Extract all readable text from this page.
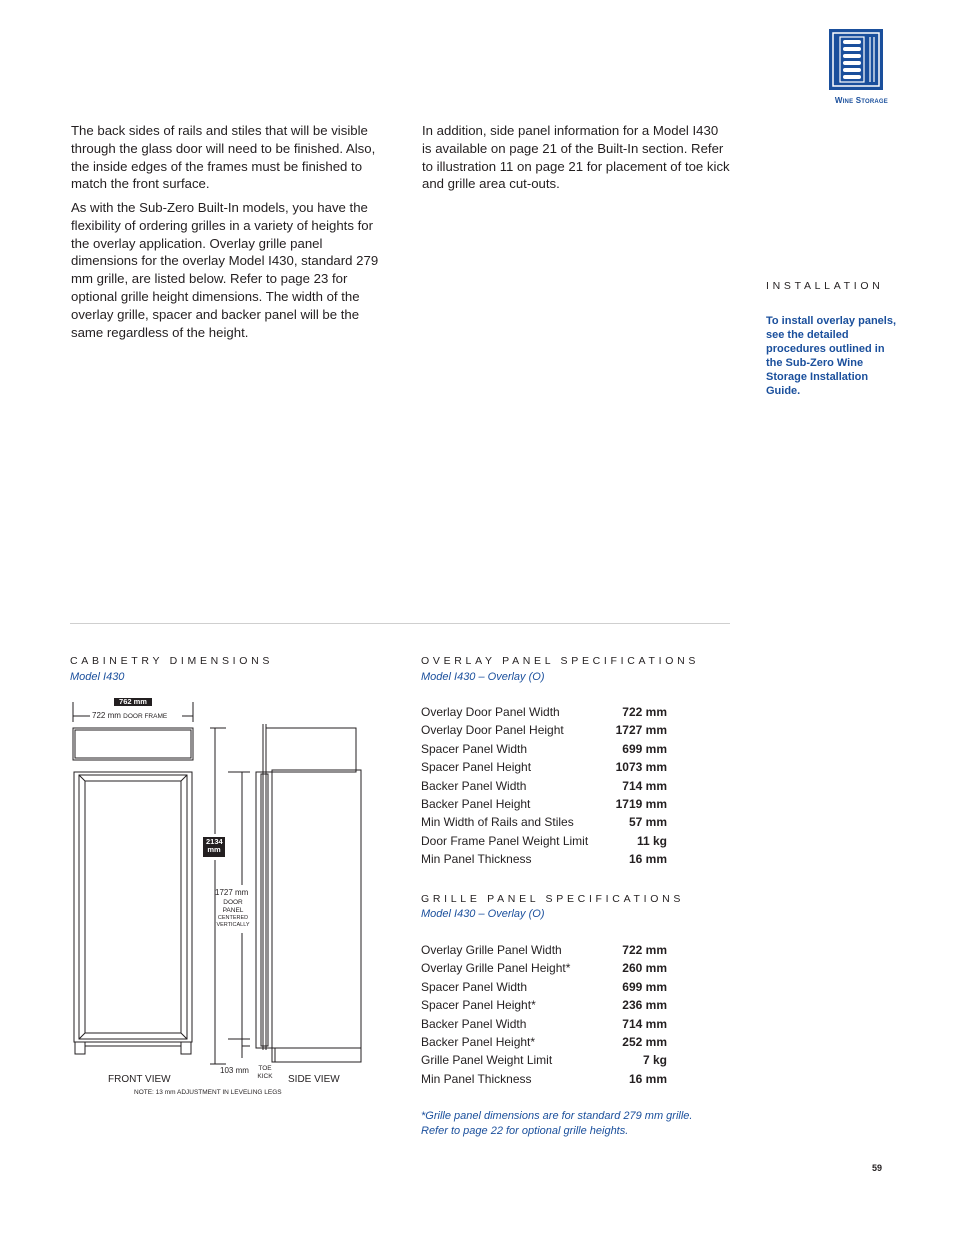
Wine Storage

The back sides of rails and stiles that will be visible through the glass door will need to be finished. Also, the inside edges of the frames must be finished to match the front surface.

As with the Sub-Zero Built-In models, you have the flexibility of ordering grilles in a variety of heights for the overlay application. Overlay grille panel dimensions for the overlay Model I430, standard 279 mm grille, are listed below. Refer to page 23 for optional grille height dimensions. The width of the overlay grille, spacer and backer panel will be the same regardless of the height.

In addition, side panel information for a Model I430 is available on page 21 of the Built-In section. Refer to illustration 11 on page 21 for placement of toe kick and grille area cut-outs.

INSTALLATION

To install overlay panels, see the detailed procedures outlined in the Sub-Zero Wine Storage Installation Guide.

CABINETRY DIMENSIONS
Model I430
762 mm
722 mm DOOR FRAME
2134 mm
1727 mm
DOOR PANEL
CENTERED VERTICALLY
103 mm	TOE KICK
FRONT VIEW	SIDE VIEW
NOTE: 13 mm ADJUSTMENT IN LEVELING LEGS
OVERLAY PANEL SPECIFICATIONS
Model I430 – Overlay (O)
Overlay Door Panel Width	722 mm
Overlay Door Panel Height	1727 mm
Spacer Panel Width	699 mm
Spacer Panel Height	1073 mm
Backer Panel Width	714 mm
Backer Panel Height	1719 mm
Min Width of Rails and Stiles	57 mm
Door Frame Panel Weight Limit	11 kg
Min Panel Thickness	16 mm
GRILLE PANEL SPECIFICATIONS
Model I430 – Overlay (O)
Overlay Grille Panel Width	722 mm
Overlay Grille Panel Height*	260 mm
Spacer Panel Width	699 mm
Spacer Panel Height*	236 mm
Backer Panel Width	714 mm
Backer Panel Height*	252 mm
Grille Panel Weight Limit	7 kg
Min Panel Thickness	16 mm

*Grille panel dimensions are for standard 279 mm grille. Refer to page 22 for optional grille heights.

59
